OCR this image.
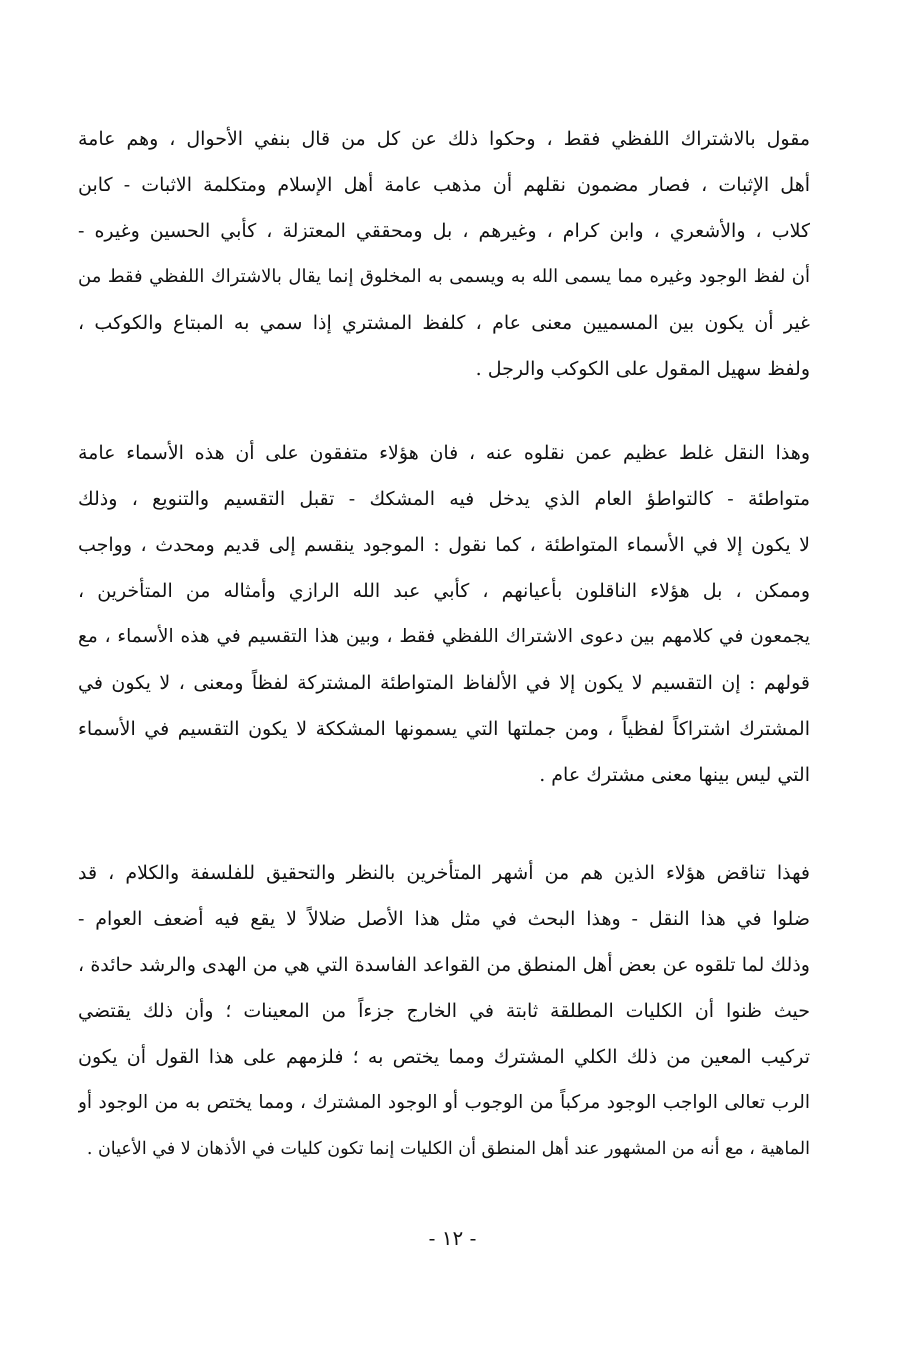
مقول بالاشتراك اللفظي فقط ، وحكوا ذلك عن كل من قال بنفي الأحوال ، وهم عامة
أهل الإثبات ، فصار مضمون نقلهم أن مذهب عامة أهل الإسلام ومتكلمة الاثبات - كابن
كلاب ، والأشعري ، وابن كرام ، وغيرهم ، بل ومحققي المعتزلة ، كأبي الحسين وغيره -
أن لفظ الوجود وغيره مما يسمى الله به ويسمى به المخلوق إنما يقال بالاشتراك اللفظي فقط من
غير أن يكون بين المسميين معنى عام ، كلفظ المشتري إذا سمي به المبتاع والكوكب ،
ولفظ سهيل المقول على الكوكب والرجل .
وهذا النقل غلط عظيم عمن نقلوه عنه ، فان هؤلاء متفقون على أن هذه الأسماء عامة
متواطئة - كالتواطؤ العام الذي يدخل فيه المشكك - تقبل التقسيم والتنويع ، وذلك
لا يكون إلا في الأسماء المتواطئة ، كما نقول : الموجود ينقسم إلى قديم ومحدث ، وواجب
وممكن ، بل هؤلاء الناقلون بأعيانهم ، كأبي عبد الله الرازي وأمثاله من المتأخرين ،
يجمعون في كلامهم بين دعوى الاشتراك اللفظي فقط ، وبين هذا التقسيم في هذه الأسماء ، مع
قولهم : إن التقسيم لا يكون إلا في الألفاظ المتواطئة المشتركة لفظاً ومعنى ، لا يكون في
المشترك اشتراكاً لفظياً ، ومن جملتها التي يسمونها المشككة لا يكون التقسيم في الأسماء
التي ليس بينها معنى مشترك عام .
فهذا تناقض هؤلاء الذين هم من أشهر المتأخرين بالنظر والتحقيق للفلسفة والكلام ، قد
ضلوا في هذا النقل - وهذا البحث في مثل هذا الأصل ضلالاً لا يقع فيه أضعف العوام -
وذلك لما تلقوه عن بعض أهل المنطق من القواعد الفاسدة التي هي من الهدى والرشد حائدة ،
حيث ظنوا أن الكليات المطلقة ثابتة في الخارج جزءاً من المعينات ؛ وأن ذلك يقتضي
تركيب المعين من ذلك الكلي المشترك ومما يختص به ؛ فلزمهم على هذا القول أن يكون
الرب تعالى الواجب الوجود مركباً من الوجوب أو الوجود المشترك ، ومما يختص به من الوجود أو
الماهية ، مع أنه من المشهور عند أهل المنطق أن الكليات إنما تكون كليات في الأذهان لا في الأعيان .
- ١٢ -
